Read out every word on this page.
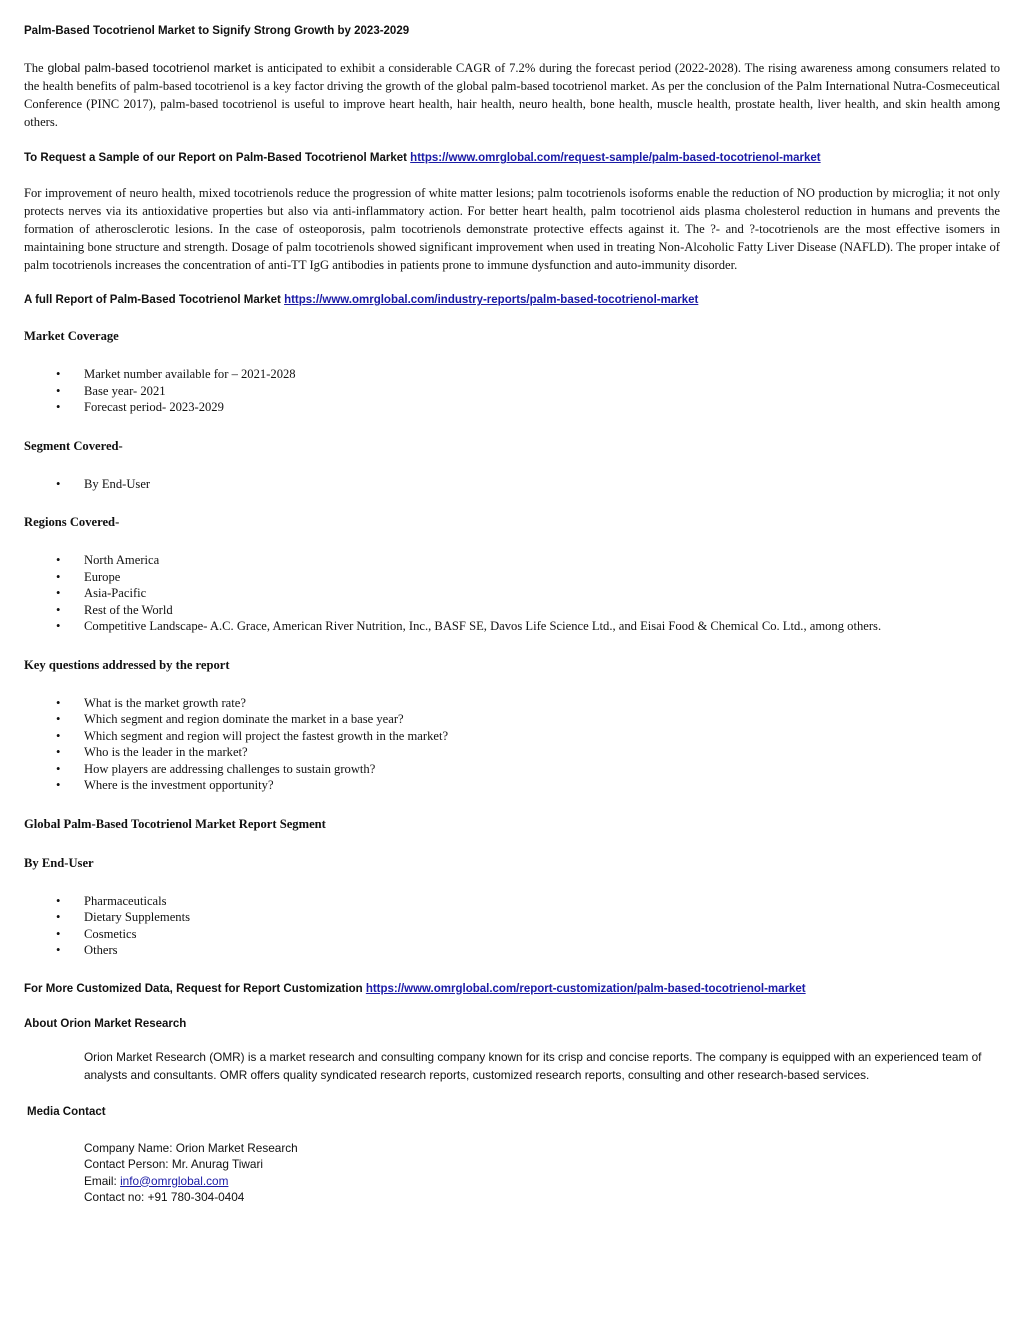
Palm-Based Tocotrienol Market to Signify Strong Growth by 2023-2029

The global palm-based tocotrienol market is anticipated to exhibit a considerable CAGR of 7.2% during the forecast period (2022-2028). The rising awareness among consumers related to the health benefits of palm-based tocotrienol is a key factor driving the growth of the global palm-based tocotrienol market. As per the conclusion of the Palm International Nutra-Cosmeceutical Conference (PINC 2017), palm-based tocotrienol is useful to improve heart health, hair health, neuro health, bone health, muscle health, prostate health, liver health, and skin health among others.

To Request a Sample of our Report on Palm-Based Tocotrienol Market https://www.omrglobal.com/request-sample/palm-based-tocotrienol-market

For improvement of neuro health, mixed tocotrienols reduce the progression of white matter lesions; palm tocotrienols isoforms enable the reduction of NO production by microglia; it not only protects nerves via its antioxidative properties but also via anti-inflammatory action. For better heart health, palm tocotrienol aids plasma cholesterol reduction in humans and prevents the formation of atherosclerotic lesions. In the case of osteoporosis, palm tocotrienols demonstrate protective effects against it. The ?- and ?-tocotrienols are the most effective isomers in maintaining bone structure and strength. Dosage of palm tocotrienols showed significant improvement when used in treating Non-Alcoholic Fatty Liver Disease (NAFLD). The proper intake of palm tocotrienols increases the concentration of anti-TT IgG antibodies in patients prone to immune dysfunction and auto-immunity disorder.

A full Report of Palm-Based Tocotrienol Market https://www.omrglobal.com/industry-reports/palm-based-tocotrienol-market

Market Coverage

• Market number available for – 2021-2028
• Base year- 2021
• Forecast period- 2023-2029

Segment Covered-

• By End-User

Regions Covered-

• North America
• Europe
• Asia-Pacific
• Rest of the World
• Competitive Landscape- A.C. Grace, American River Nutrition, Inc., BASF SE, Davos Life Science Ltd., and Eisai Food & Chemical Co. Ltd., among others.

Key questions addressed by the report

• What is the market growth rate?
• Which segment and region dominate the market in a base year?
• Which segment and region will project the fastest growth in the market?
• Who is the leader in the market?
• How players are addressing challenges to sustain growth?
• Where is the investment opportunity?

Global Palm-Based Tocotrienol Market Report Segment

By End-User

• Pharmaceuticals
• Dietary Supplements
• Cosmetics
• Others

For More Customized Data, Request for Report Customization https://www.omrglobal.com/report-customization/palm-based-tocotrienol-market

About Orion Market Research

Orion Market Research (OMR) is a market research and consulting company known for its crisp and concise reports. The company is equipped with an experienced team of analysts and consultants. OMR offers quality syndicated research reports, customized research reports, consulting and other research-based services.

Media Contact

Company Name: Orion Market Research
Contact Person: Mr. Anurag Tiwari
Email: info@omrglobal.com
Contact no: +91 780-304-0404
